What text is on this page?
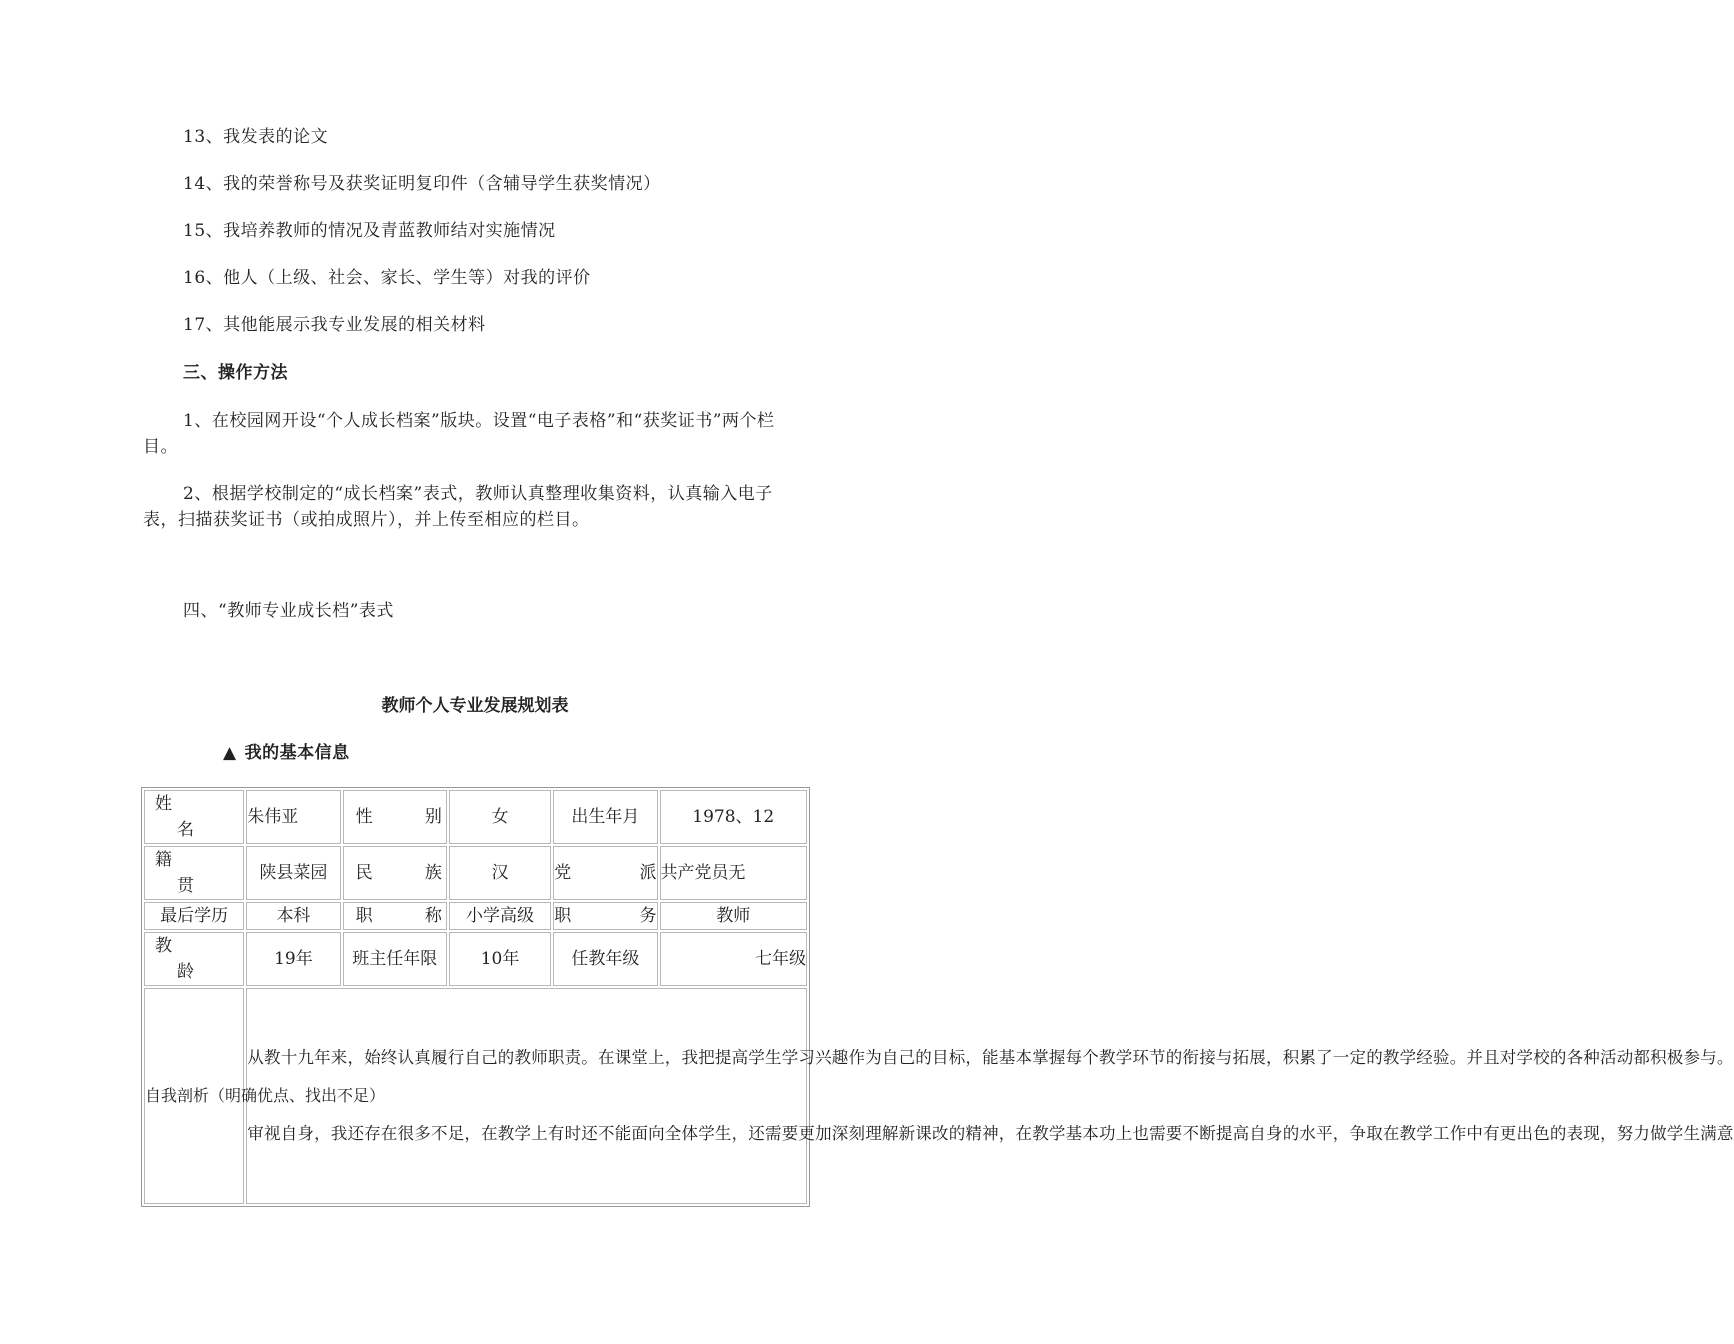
13、我发表的论文

14、我的荣誉称号及获奖证明复印件（含辅导学生获奖情况）

15、我培养教师的情况及青蓝教师结对实施情况

16、他人（上级、社会、家长、学生等）对我的评价

17、其他能展示我专业发展的相关材料

三、操作方法

1、在校园网开设“个人成长档案”版块。设置“电子表格”和“获奖证书”两个栏目。

2、根据学校制定的“成长档案”表式，教师认真整理收集资料，认真输入电子表，扫描获奖证书（或拍成照片），并上传至相应的栏目。

四、“教师专业成长档”表式

教师个人专业发展规划表

▲ 我的基本信息

姓
名	朱伟亚	性 别	女	出生年月	1978、12

籍
贯	陕县菜园	民 族	汉	党 派	共产党员无
最后学历	本科	职 称	小学高级	职 务	教师

教
龄	19年	班主任年限	10年	任教年级	七年级
自我剖析（明确优点、找出不足）	从教十九年来，始终认真履行自己的教师职责。在课堂上，我把提高学生学习兴趣作为自己的目标，能基本掌握每个教学环节的衔接与拓展，积累了一定的教学经验。并且对学校的各种活动都积极参与。
审视自身，我还存在很多不足，在教学上有时还不能面向全体学生，还需要更加深刻理解新课改的精神，在教学基本功上也需要不断提高自身的水平，争取在教学工作中有更出色的表现，努力做学生满意				
